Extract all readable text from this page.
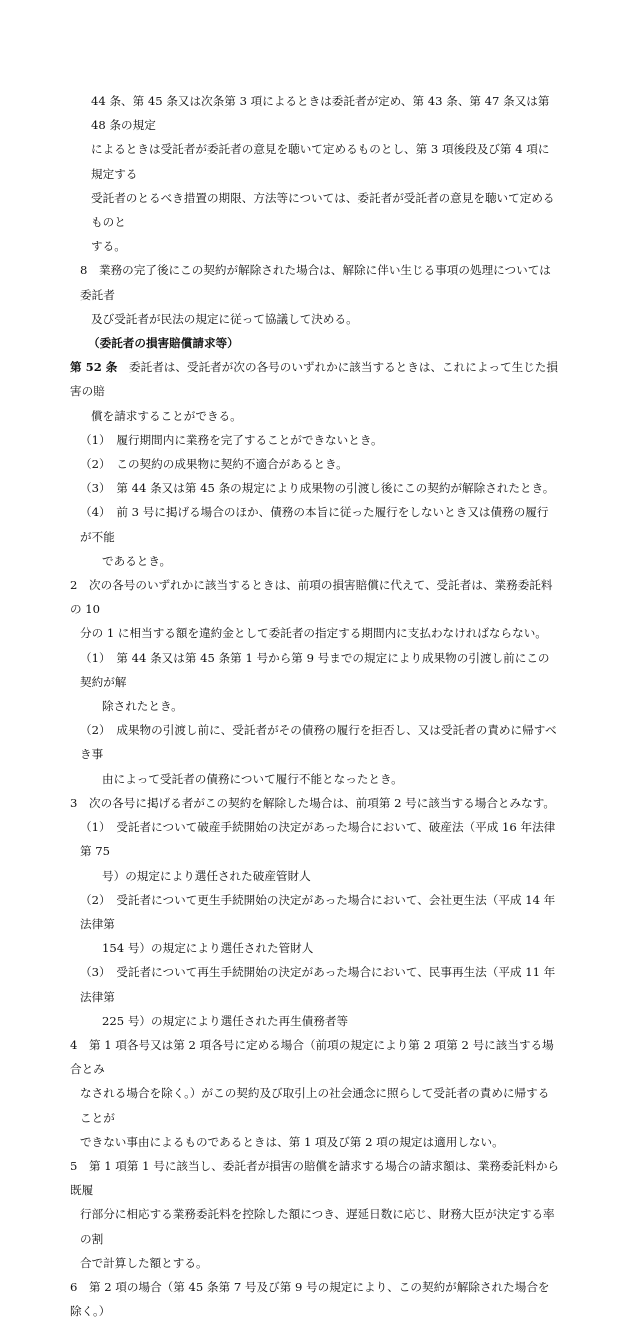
44 条、第 45 条又は次条第 3 項によるときは委託者が定め、第 43 条、第 47 条又は第 48 条の規定

によるときは受託者が委託者の意見を聴いて定めるものとし、第 3 項後段及び第 4 項に規定する

受託者のとるべき措置の期限、方法等については、委託者が受託者の意見を聴いて定めるものと

する。

8　業務の完了後にこの契約が解除された場合は、解除に伴い生じる事項の処理については委託者

及び受託者が民法の規定に従って協議して決める。

（委託者の損害賠償請求等）

第 52 条　委託者は、受託者が次の各号のいずれかに該当するときは、これによって生じた損害の賠

償を請求することができる。

（1）　履行期間内に業務を完了することができないとき。

（2）　この契約の成果物に契約不適合があるとき。

（3）　第 44 条又は第 45 条の規定により成果物の引渡し後にこの契約が解除されたとき。

（4）　前 3 号に掲げる場合のほか、債務の本旨に従った履行をしないとき又は債務の履行が不能

であるとき。

2　次の各号のいずれかに該当するときは、前項の損害賠償に代えて、受託者は、業務委託料の 10

分の 1 に相当する額を違約金として委託者の指定する期間内に支払わなければならない。

（1）　第 44 条又は第 45 条第 1 号から第 9 号までの規定により成果物の引渡し前にこの契約が解

除されたとき。

（2）　成果物の引渡し前に、受託者がその債務の履行を拒否し、又は受託者の責めに帰すべき事

由によって受託者の債務について履行不能となったとき。

3　次の各号に掲げる者がこの契約を解除した場合は、前項第 2 号に該当する場合とみなす。

（1）　受託者について破産手続開始の決定があった場合において、破産法（平成 16 年法律第 75

号）の規定により選任された破産管財人

（2）　受託者について更生手続開始の決定があった場合において、会社更生法（平成 14 年法律第

154 号）の規定により選任された管財人

（3）　受託者について再生手続開始の決定があった場合において、民事再生法（平成 11 年法律第

225 号）の規定により選任された再生債務者等

4　第 1 項各号又は第 2 項各号に定める場合（前項の規定により第 2 項第 2 号に該当する場合とみ

なされる場合を除く。）がこの契約及び取引上の社会通念に照らして受託者の責めに帰することが

できない事由によるものであるときは、第 1 項及び第 2 項の規定は適用しない。

5　第 1 項第 1 号に該当し、委託者が損害の賠償を請求する場合の請求額は、業務委託料から既履

行部分に相応する業務委託料を控除した額につき、遅延日数に応じ、財務大臣が決定する率の割

合で計算した額とする。

6　第 2 項の場合（第 45 条第 7 号及び第 9 号の規定により、この契約が解除された場合を除く。）
